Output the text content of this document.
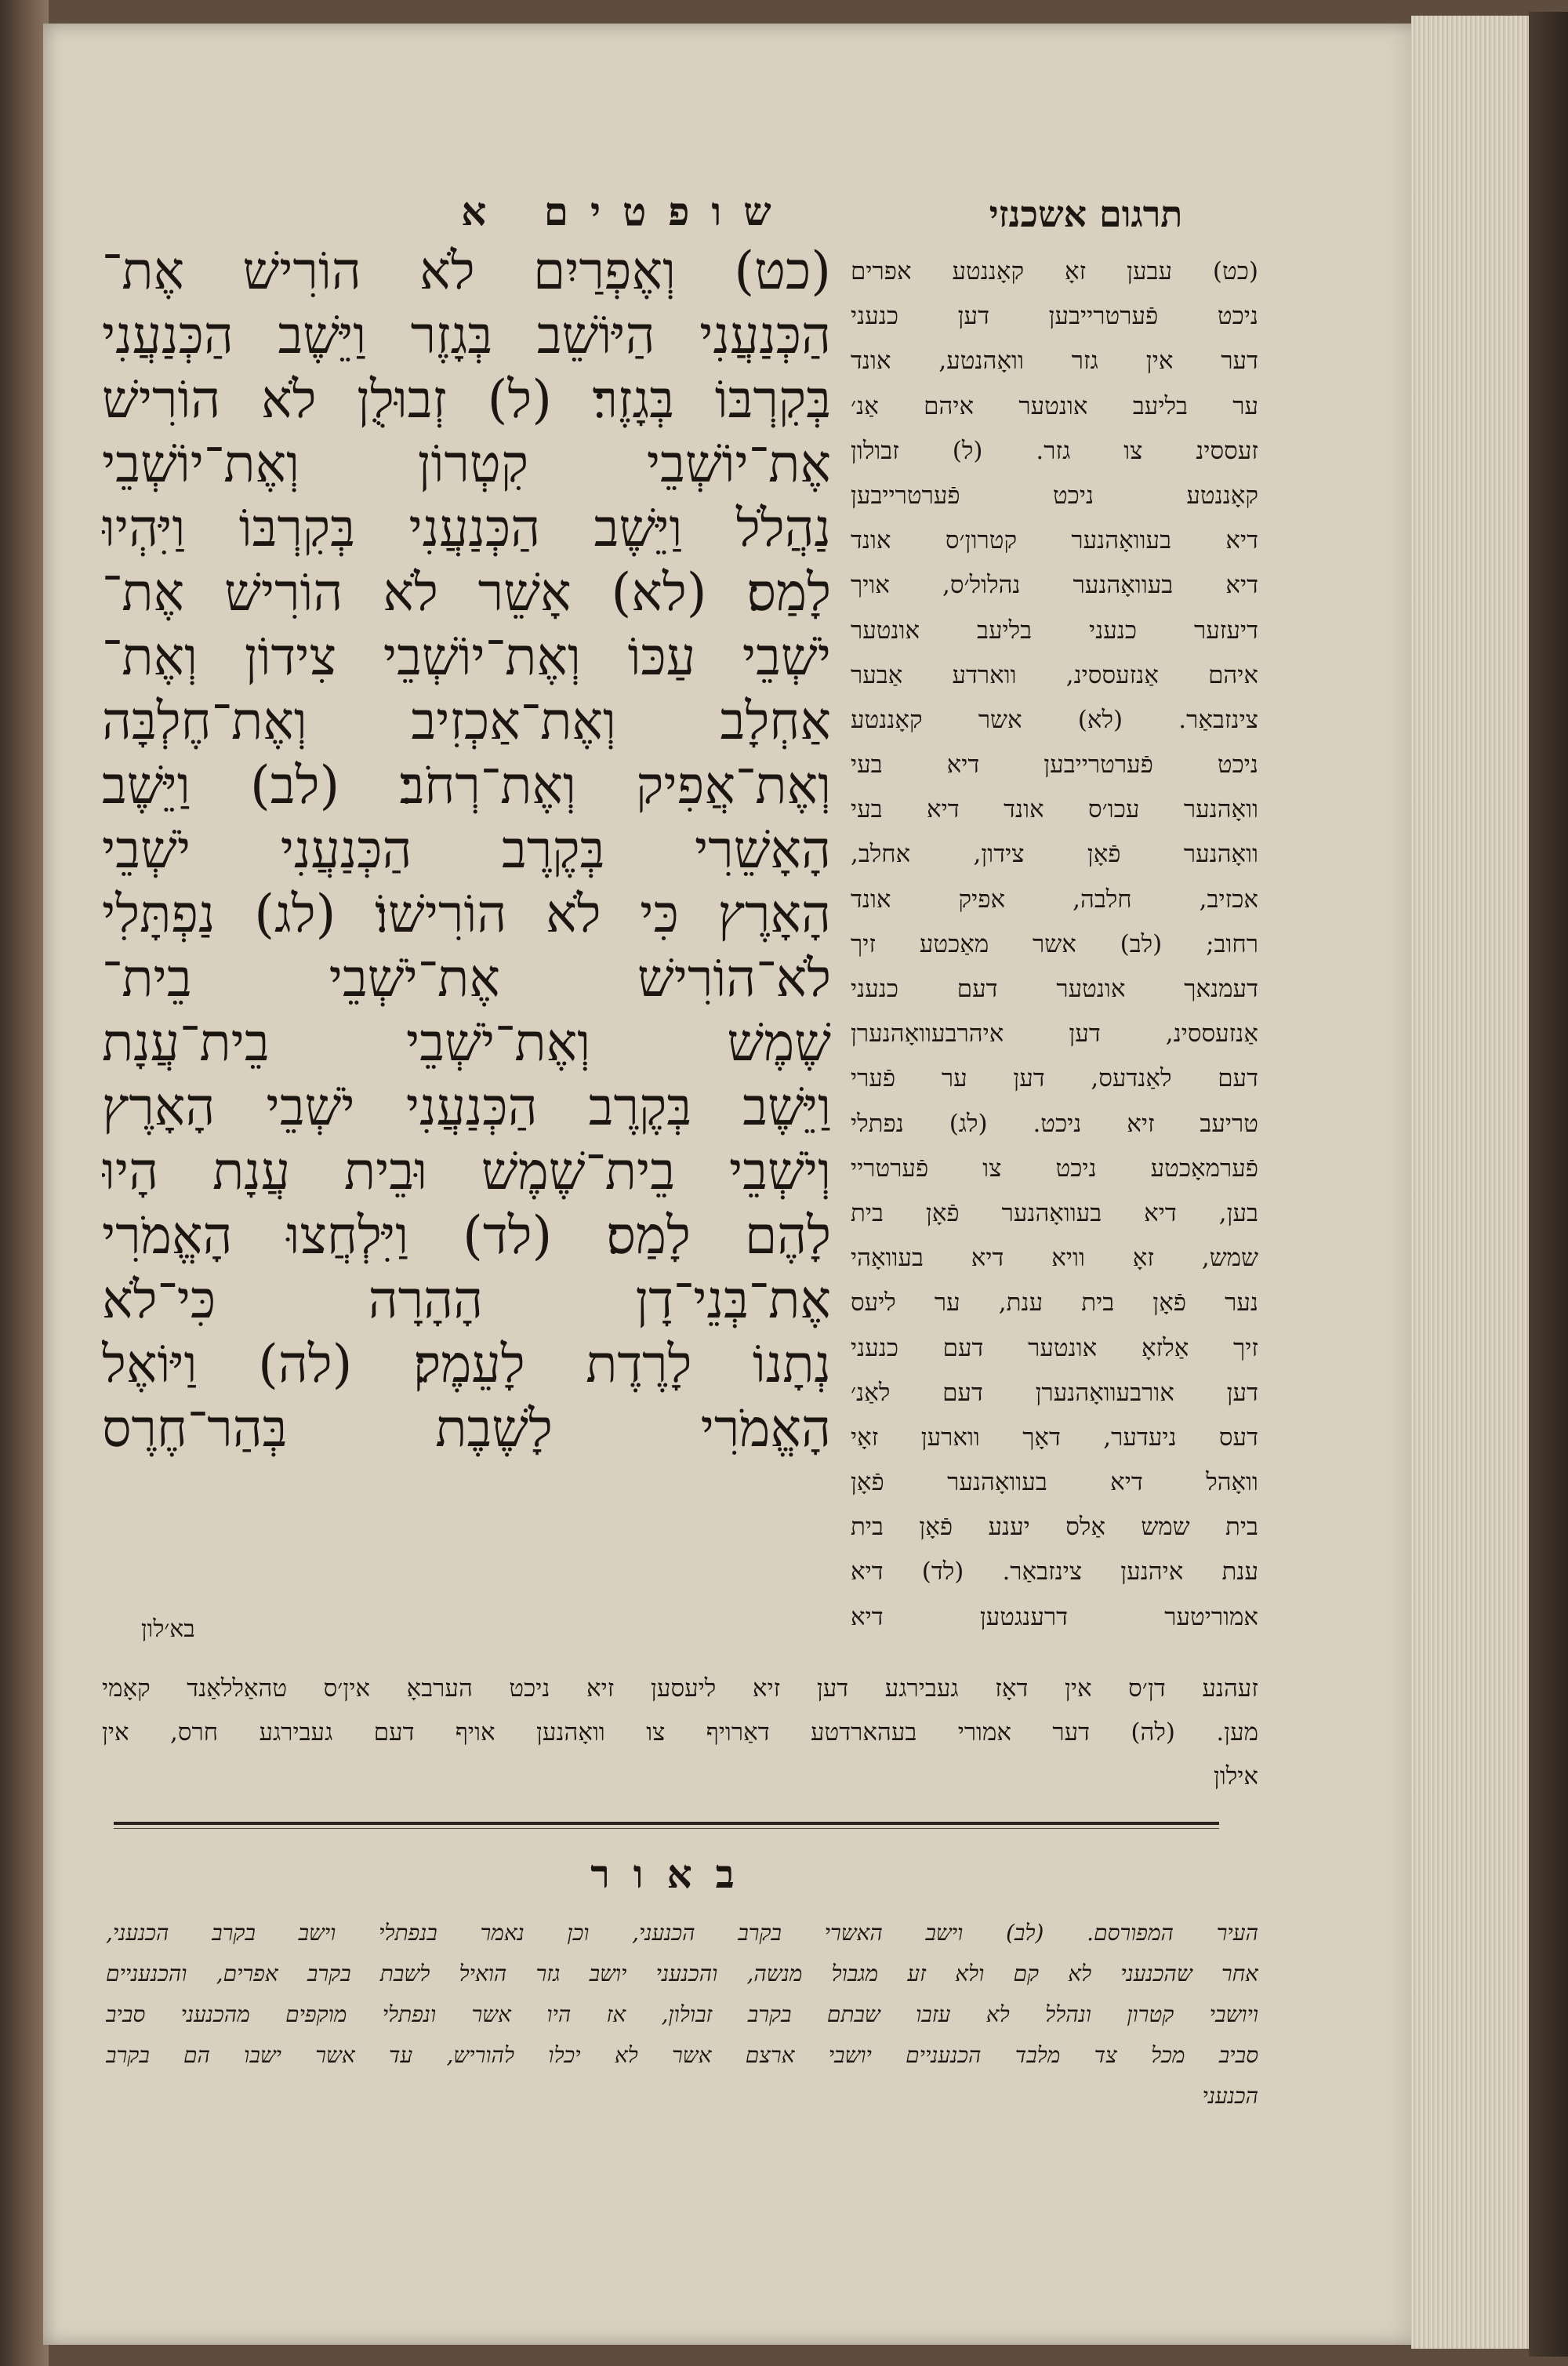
שופטים א	תרגום אשכנזי
(כט) וְאֶפְרַיִם לֹא הוֹרִישׁ אֶת־
הַכְּנַעֲנִי הַיּוֹשֵׁב בְּגָזֶר וַיֵּשֶׁב הַכְּנַעֲנִי
בְּקִרְבּוֹ בְּגָזֶר׃ (ל) זְבוּלֻן לֹא הוֹרִישׁ
אֶת־יוֹשְׁבֵי קִטְרוֹן וְאֶת־יוֹשְׁבֵי
נַהֲלֹל וַיֵּשֶׁב הַכְּנַעֲנִי בְּקִרְבּוֹ וַיִּהְיוּ
לָמַס׃ (לא) אָשֵׁר לֹא הוֹרִישׁ אֶת־
יֹשְׁבֵי עַכּוֹ וְאֶת־יוֹשְׁבֵי צִידוֹן וְאֶת־
אַחְלָב וְאֶת־אַכְזִיב וְאֶת־חֶלְבָּה
וְאֶת־אֲפִיק וְאֶת־רְחֹב׃ (לב) וַיֵּשֶׁב
הָאָשֵׁרִי בְּקֶרֶב הַכְּנַעֲנִי יֹשְׁבֵי
הָאָרֶץ כִּי לֹא הוֹרִישׁוֹ׃ (לג) נַפְתָּלִי
לֹא־הוֹרִישׁ אֶת־יֹשְׁבֵי בֵית־
שֶׁמֶשׁ וְאֶת־יֹשְׁבֵי בֵית־עֲנָת
וַיֵּשֶׁב בְּקֶרֶב הַכְּנַעֲנִי יֹשְׁבֵי הָאָרֶץ
וְיֹשְׁבֵי בֵית־שֶׁמֶשׁ וּבֵית עֲנָת הָיוּ
לָהֶם לָמַס׃ (לד) וַיִּלְחֲצוּ הָאֱמֹרִי
אֶת־בְּנֵי־דָן הָהָרָה כִּי־לֹא
נְתָנוֹ לָרֶדֶת לָעֵמֶק׃ (לה) וַיּוֹאֶל
הָאֱמֹרִי לָשֶׁבֶת בְּהַר־חֶרֶס
בא׳לון
(כט) עבען זאָ קאָננטע אפרים
ניכט פֿערטרייבען דען כנעני
דער אין גזר וואָהנטע, אונד
ער בליעב אונטער איהם אַנ׳
זעססינ צו גזר. (ל) זבולון
קאָננטע ניכט פֿערטרייבען
דיא בעוואָהנער קטרון׳ס אונד
דיא בעוואָהנער נהלול׳ס, אויך
דיעזער כנעני בליעב אונטער
איהם אַנזעססינ, ווארדע אַבער
צינזבאַר. (לא) אשר קאָננטע
ניכט פֿערטרייבען דיא בעי
וואָהנער עכו׳ס אונד דיא בעי
וואָהנער פֿאָן צידון, אחלב,
אכזיב, חלבה, אפיק אונד
רחוב; (לב) אשר מאַכטע זיך
דעמנאך אונטער דעם כנעני
אַנזעססינ, דען איהרבעוואָהנערן
דעם לאַנדעס, דען ער פֿערי
טריעב זיא ניכט. (לג) נפתלי
פֿערמאָכטע ניכט צו פֿערטריי
בען, דיא בעוואָהנער פֿאָן בית
שמש, זאָ וויא דיא בעוואָהי
נער פֿאָן בית ענת, ער ליעס
זיך אַלזאָ אונטער דעם כנעני
דען אורבעוואָהנערן דעם לאַנ׳
דעס ניעדער, דאָך ווארען זאָי
וואָהל דיא בעוואָהנער פֿאָן
בית שמש אַלס יענע פֿאָן בית
ענת איהנען צינזבאַר. (לד) דיא
אמוריטער דרענגטען דיא
זעהנע דן׳ס אין דאָז געבירגע דען זיא ליעסען זיא ניכט הערבאָ אין׳ס טהאַללאַנד קאָמי
מען. (לה) דער אמורי בעהארדטע דאַרויף צו וואָהנען אויף דעם געבירגע חרס, אין
אילון
באור
העיר המפורסם. (לב) וישב האשרי בקרב הכנעני, וכן נאמר בנפתלי וישב בקרב הכנעני,
אחר שהכנעני לא קם ולא זע מגבול מנשה, והכנעני יושב גזר הואיל לשבת בקרב אפרים, והכנעניים
ויושבי קטרון ונהלל לא עזבו שבתם בקרב זבולון, אז היו אשר ונפתלי מוקפים מהכנעני סביב
סביב מכל צד מלבד הכנעניים יושבי ארצם אשר לא יכלו להוריש, עד אשר ישבו הם בקרב
הכנעני
